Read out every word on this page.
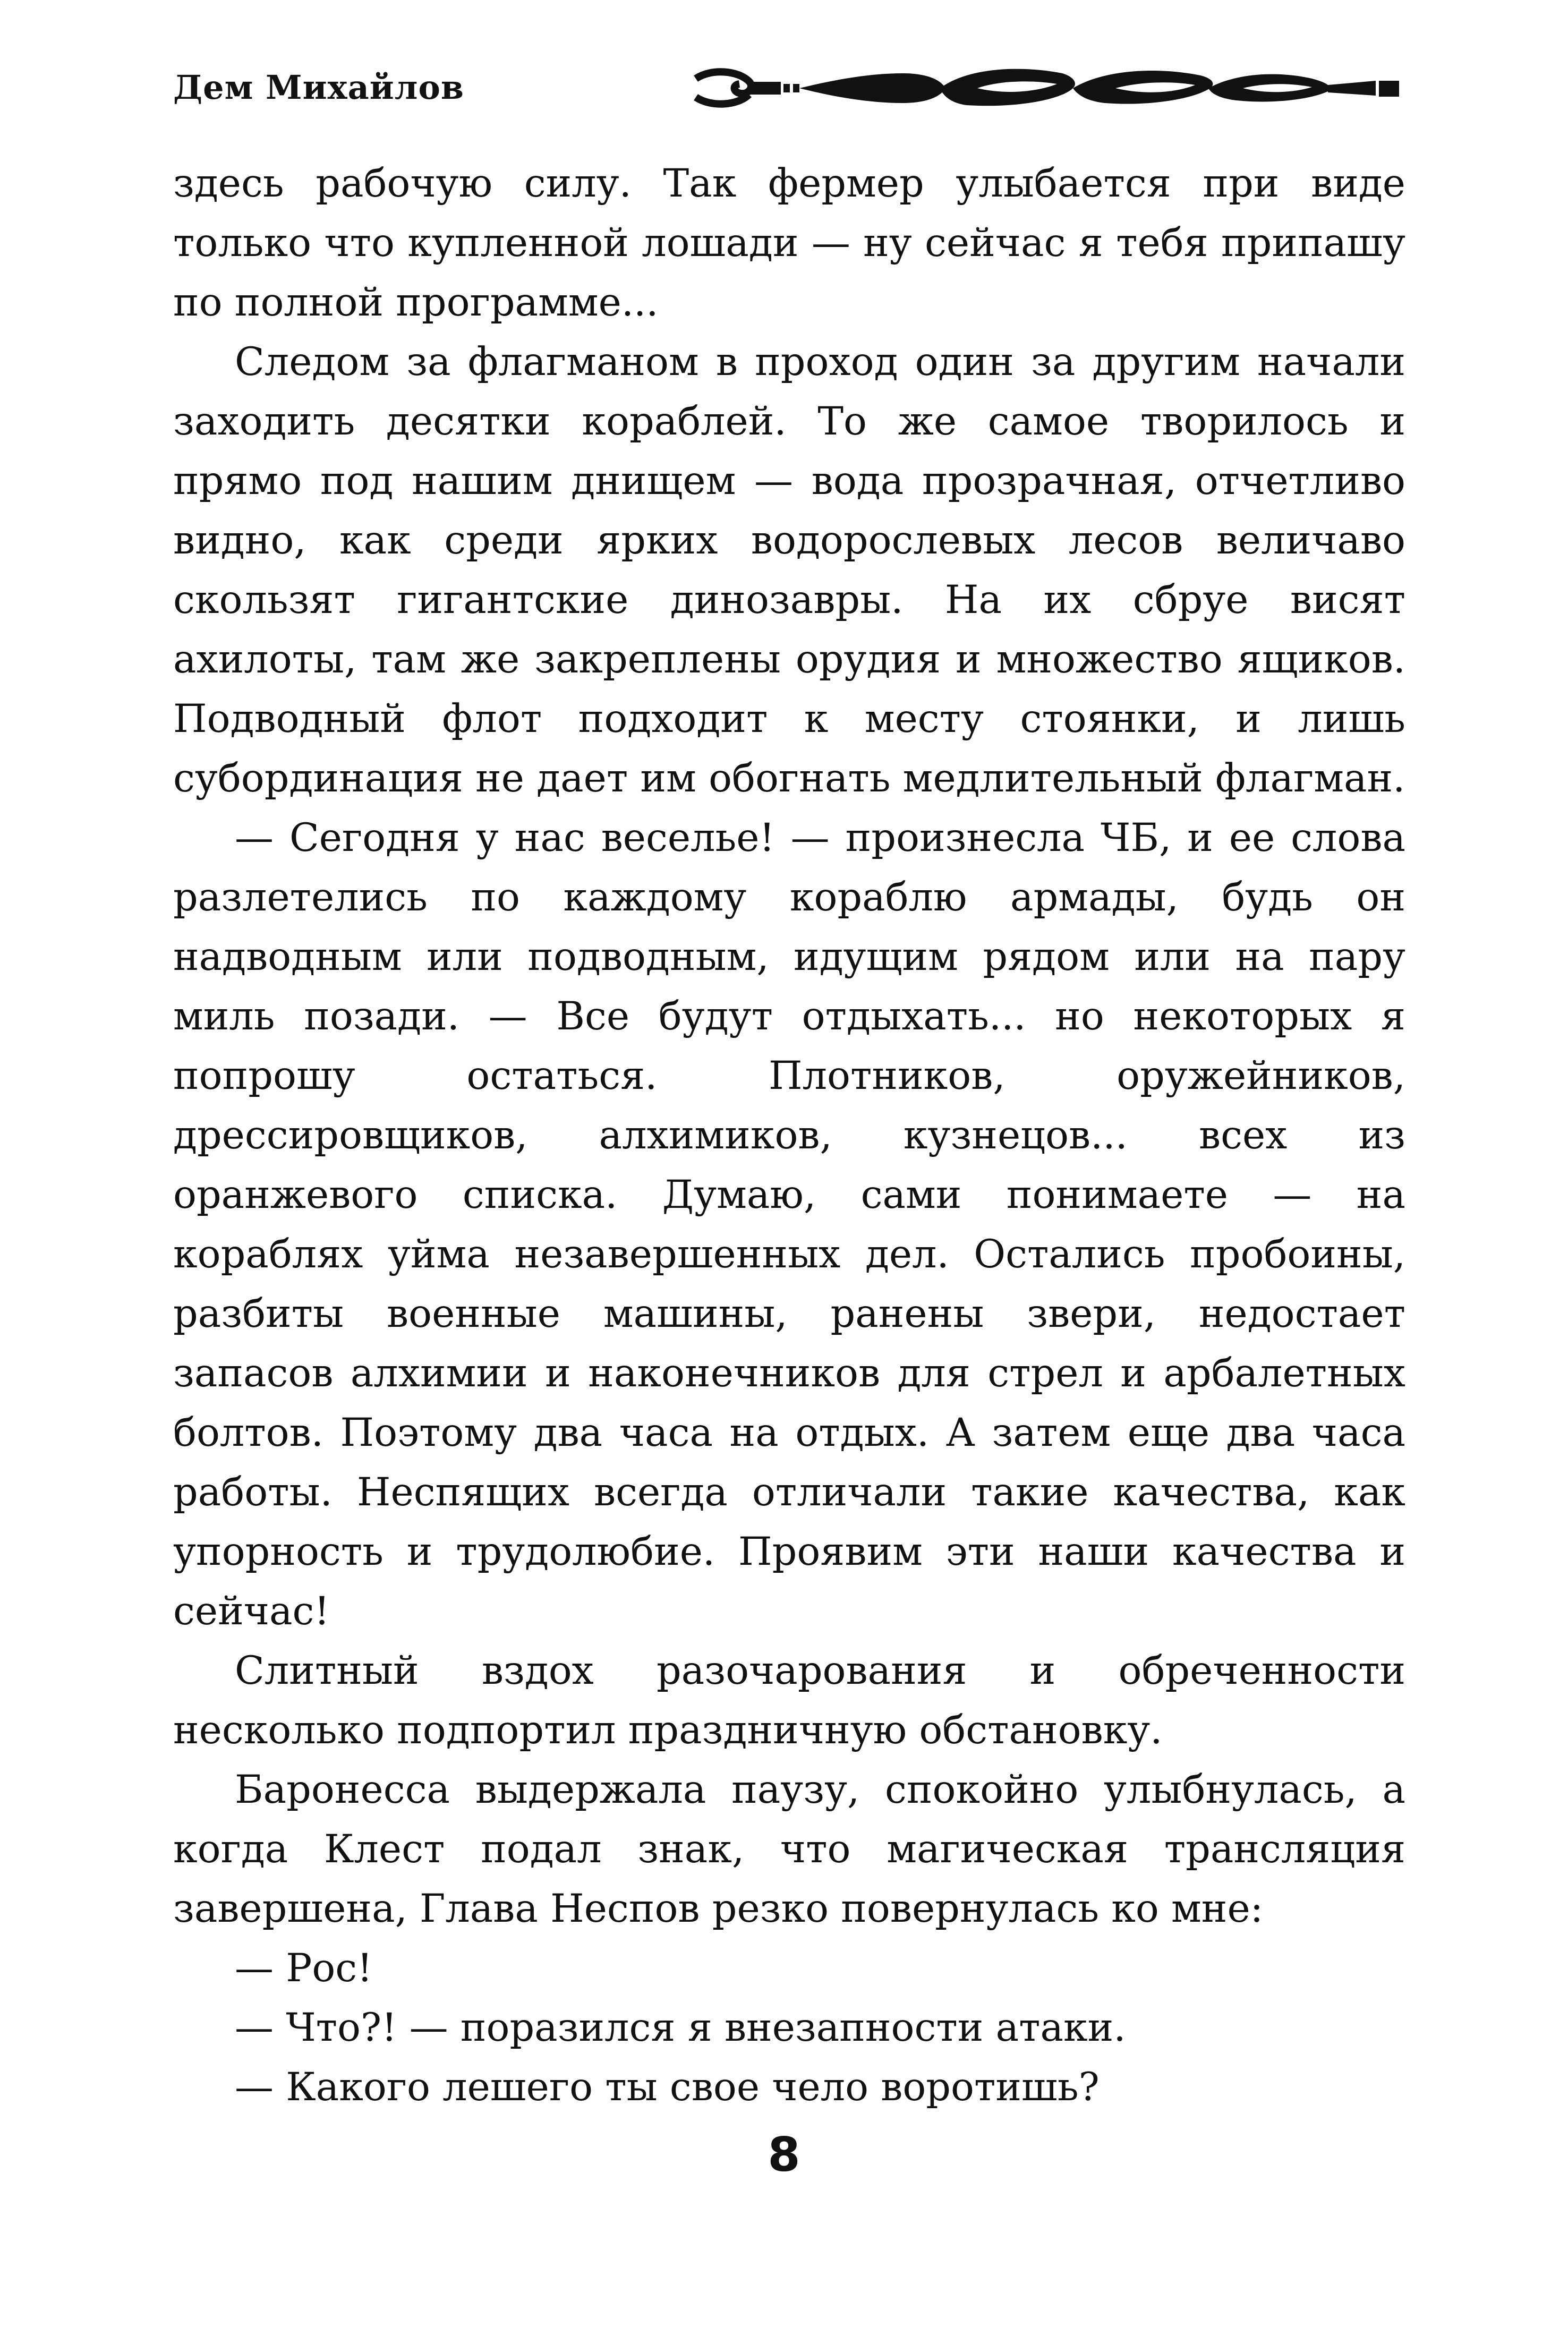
Дем Михайлов

здесь рабочую силу. Так фермер улыбается при виде только что купленной лошади — ну сейчас я тебя припашу по полной программе...

Следом за флагманом в проход один за другим начали заходить десятки кораблей. То же самое творилось и прямо под нашим днищем — вода прозрачная, отчетливо видно, как среди ярких водорослевых лесов величаво скользят гигантские динозавры. На их сбруе висят ахилоты, там же закреплены орудия и множество ящиков. Подводный флот подходит к месту стоянки, и лишь субординация не дает им обогнать медлительный флагман.

— Сегодня у нас веселье! — произнесла ЧБ, и ее слова разлетелись по каждому кораблю армады, будь он надводным или подводным, идущим рядом или на пару миль позади. — Все будут отдыхать... но некоторых я попрошу остаться. Плотников, оружейников, дрессировщиков, алхимиков, кузнецов... всех из оранжевого списка. Думаю, сами понимаете — на кораблях уйма незавершенных дел. Остались пробоины, разбиты военные машины, ранены звери, недостает запасов алхимии и наконечников для стрел и арбалетных болтов. Поэтому два часа на отдых. А затем еще два часа работы. Неспящих всегда отличали такие качества, как упорность и трудолюбие. Проявим эти наши качества и сейчас!

Слитный вздох разочарования и обреченности несколько подпортил праздничную обстановку.

Баронесса выдержала паузу, спокойно улыбнулась, а когда Клест подал знак, что магическая трансляция завершена, Глава Неспов резко повернулась ко мне:

— Рос!

— Что?! — поразился я внезапности атаки.

— Какого лешего ты свое чело воротишь?

8
